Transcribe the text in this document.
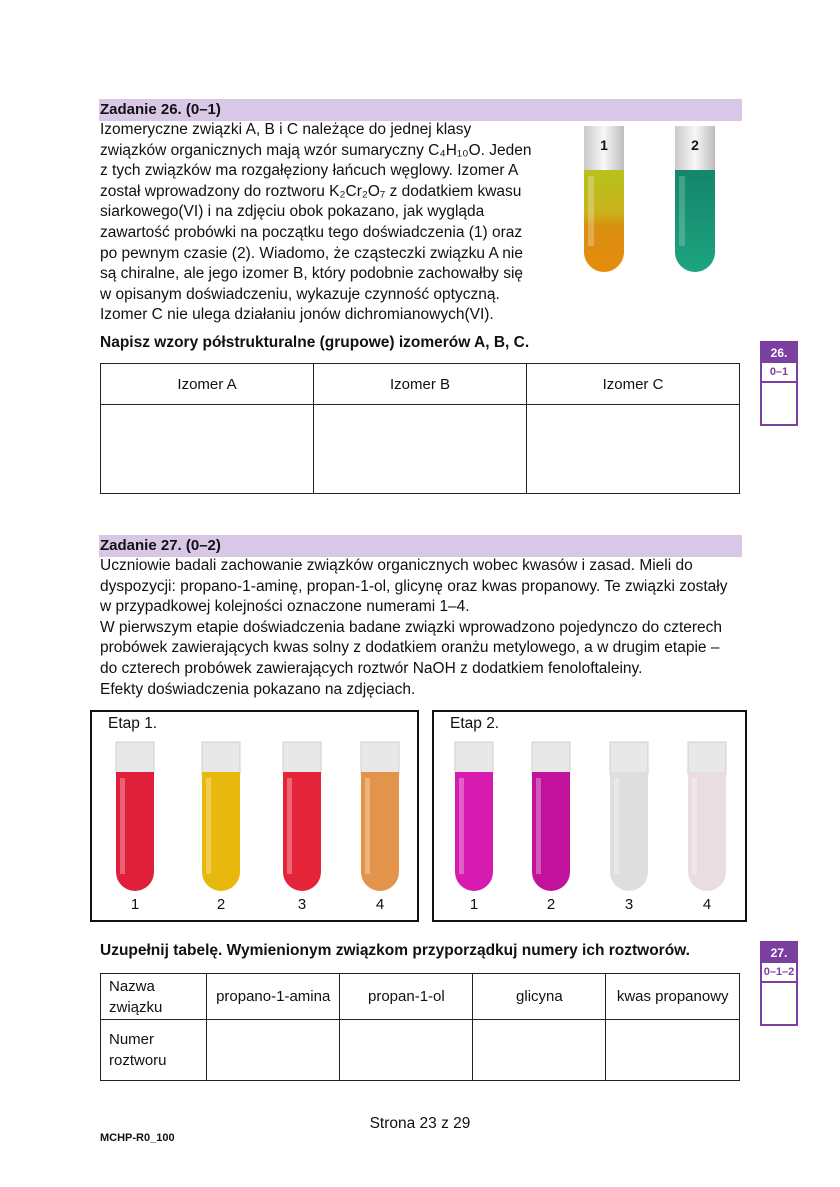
Zadanie 26. (0–1)

Izomeryczne związki A, B i C należące do jednej klasy

związków organicznych mają wzór sumaryczny C₄H₁₀O. Jeden

z tych związków ma rozgałęziony łańcuch węglowy. Izomer A

został wprowadzony do roztworu K₂Cr₂O₇ z dodatkiem kwasu

siarkowego(VI) i na zdjęciu obok pokazano, jak wygląda

zawartość probówki na początku tego doświadczenia (1) oraz

po pewnym czasie (2). Wiadomo, że cząsteczki związku A nie

są chiralne, ale jego izomer B, który podobnie zachowałby się

w opisanym doświadczeniu, wykazuje czynność optyczną.

Izomer C nie ulega działaniu jonów dichromianowych(VI).

1	2
Napisz wzory półstrukturalne (grupowe) izomerów A, B, C.
26.
0–1
Izomer A	Izomer B	Izomer C

Zadanie 27. (0–2)

Uczniowie badali zachowanie związków organicznych wobec kwasów i zasad. Mieli do

dyspozycji: propano-1-aminę, propan-1-ol, glicynę oraz kwas propanowy. Te związki zostały

w przypadkowej kolejności oznaczone numerami 1–4.

W pierwszym etapie doświadczenia badane związki wprowadzono pojedynczo do czterech

probówek zawierających kwas solny z dodatkiem oranżu metylowego, a w drugim etapie –

do czterech probówek zawierających roztwór NaOH z dodatkiem fenoloftaleiny.

Efekty doświadczenia pokazano na zdjęciach.

Etap 1.
1	2	3	4
Etap 2.
1	2	3	4
Uzupełnij tabelę. Wymienionym związkom przyporządkuj numery ich roztworów.	27.
0–1–2
Nazwa
związku	propano-1-amina	propan-1-ol	glicyna	kwas propanowy

Numer
roztworu				

Strona 23 z 29
MCHP-R0_100
